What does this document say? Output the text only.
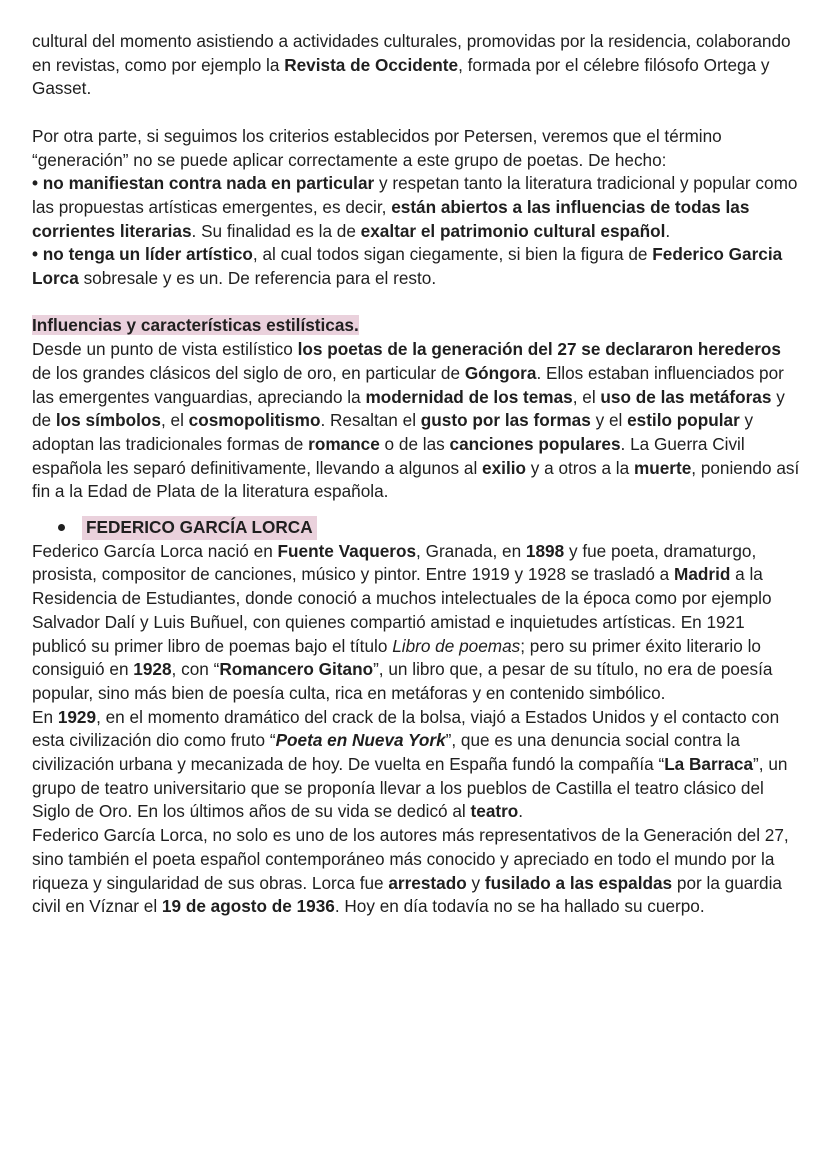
cultural del momento asistiendo a actividades culturales, promovidas por la residencia, colaborando en revistas, como por ejemplo la Revista de Occidente, formada por el célebre filósofo Ortega y Gasset.

Por otra parte, si seguimos los criterios establecidos por Petersen, veremos que el término “generación” no se puede aplicar correctamente a este grupo de poetas. De hecho:

• no manifiestan contra nada en particular y respetan tanto la literatura tradicional y popular como las propuestas artísticas emergentes, es decir, están abiertos a las influencias de todas las corrientes literarias. Su finalidad es la de exaltar el patrimonio cultural español.

• no tenga un líder artístico, al cual todos sigan ciegamente, si bien la figura de Federico Garcia Lorca sobresale y es un. De referencia para el resto.

Influencias y características estilísticas.

Desde un punto de vista estilístico los poetas de la generación del 27 se declararon herederos de los grandes clásicos del siglo de oro, en particular de Góngora. Ellos estaban influenciados por las emergentes vanguardias, apreciando la modernidad de los temas, el uso de las metáforas y de los símbolos, el cosmopolitismo. Resaltan el gusto por las formas y el estilo popular y adoptan las tradicionales formas de romance o de las canciones populares. La Guerra Civil española les separó definitivamente, llevando a algunos al exilio y a otros a la muerte, poniendo así fin a la Edad de Plata de la literatura española.

FEDERICO GARCÍA LORCA

Federico García Lorca nació en Fuente Vaqueros, Granada, en 1898 y fue poeta, dramaturgo, prosista, compositor de canciones, músico y pintor. Entre 1919 y 1928 se trasladó a Madrid a la Residencia de Estudiantes, donde conoció a muchos intelectuales de la época como por ejemplo Salvador Dalí y Luis Buñuel, con quienes compartió amistad e inquietudes artísticas. En 1921 publicó su primer libro de poemas bajo el título Libro de poemas; pero su primer éxito literario lo consiguió en 1928, con “Romancero Gitano”, un libro que, a pesar de su título, no era de poesía popular, sino más bien de poesía culta, rica en metáforas y en contenido simbólico.

En 1929, en el momento dramático del crack de la bolsa, viajó a Estados Unidos y el contacto con esta civilización dio como fruto “Poeta en Nueva York”, que es una denuncia social contra la civilización urbana y mecanizada de hoy. De vuelta en España fundó la compañía “La Barraca”, un grupo de teatro universitario que se proponía llevar a los pueblos de Castilla el teatro clásico del Siglo de Oro. En los últimos años de su vida se dedicó al teatro.

Federico García Lorca, no solo es uno de los autores más representativos de la Generación del 27, sino también el poeta español contemporáneo más conocido y apreciado en todo el mundo por la riqueza y singularidad de sus obras. Lorca fue arrestado y fusilado a las espaldas por la guardia civil en Víznar el 19 de agosto de 1936. Hoy en día todavía no se ha hallado su cuerpo.
